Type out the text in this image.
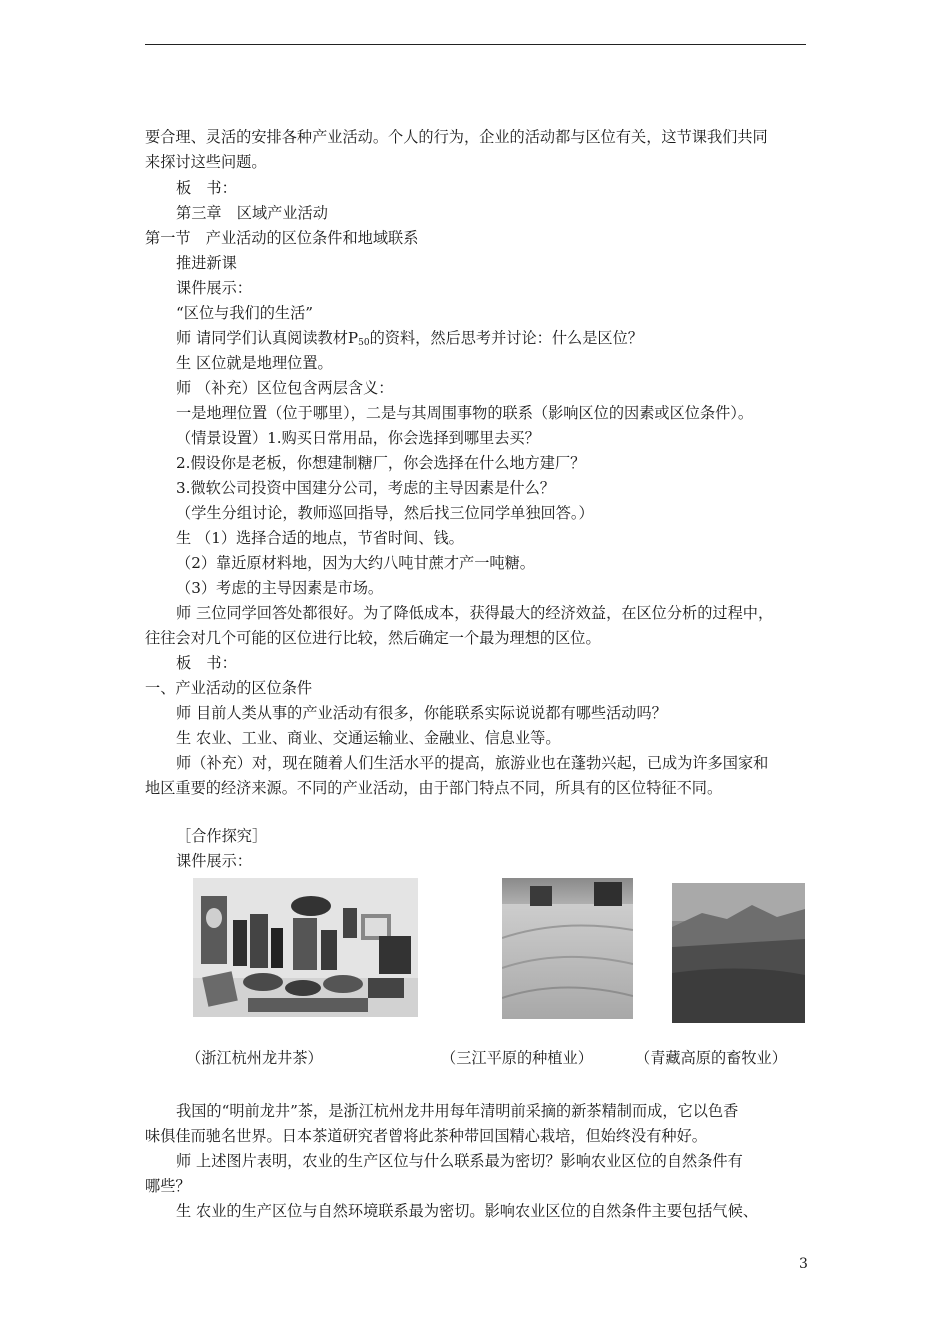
要合理、灵活的安排各种产业活动。个人的行为，企业的活动都与区位有关，这节课我们共同
来探讨这些问题。
板　书：
第三章　区域产业活动
第一节　产业活动的区位条件和地域联系
推进新课
课件展示：
“区位与我们的生活”
师 请同学们认真阅读教材$P_{50}$的资料，然后思考并讨论：什么是区位？
生 区位就是地理位置。
师 （补充）区位包含两层含义：
一是地理位置（位于哪里），二是与其周围事物的联系（影响区位的因素或区位条件）。
（情景设置）1.购买日常用品，你会选择到哪里去买？
2.假设你是老板，你想建制糖厂，你会选择在什么地方建厂？
3.微软公司投资中国建分公司，考虑的主导因素是什么？
（学生分组讨论，教师巡回指导，然后找三位同学单独回答。）
生 （1）选择合适的地点，节省时间、钱。
（2）靠近原材料地，因为大约八吨甘蔗才产一吨糖。
（3）考虑的主导因素是市场。
师 三位同学回答处都很好。为了降低成本，获得最大的经济效益，在区位分析的过程中，
往往会对几个可能的区位进行比较，然后确定一个最为理想的区位。
板　书：
一、产业活动的区位条件
师 目前人类从事的产业活动有很多，你能联系实际说说都有哪些活动吗？
生 农业、工业、商业、交通运输业、金融业、信息业等。
师（补充）对，现在随着人们生活水平的提高，旅游业也在蓬勃兴起，已成为许多国家和
地区重要的经济来源。不同的产业活动，由于部门特点不同，所具有的区位特征不同。
［合作探究］
课件展示：
（浙江杭州龙井茶）	（三江平原的种植业）	（青藏高原的畜牧业）
我国的“明前龙井”茶，是浙江杭州龙井用每年清明前采摘的新茶精制而成，它以色香
味俱佳而驰名世界。日本茶道研究者曾将此茶种带回国精心栽培，但始终没有种好。
师 上述图片表明，农业的生产区位与什么联系最为密切？影响农业区位的自然条件有
哪些？
生 农业的生产区位与自然环境联系最为密切。影响农业区位的自然条件主要包括气候、
3
